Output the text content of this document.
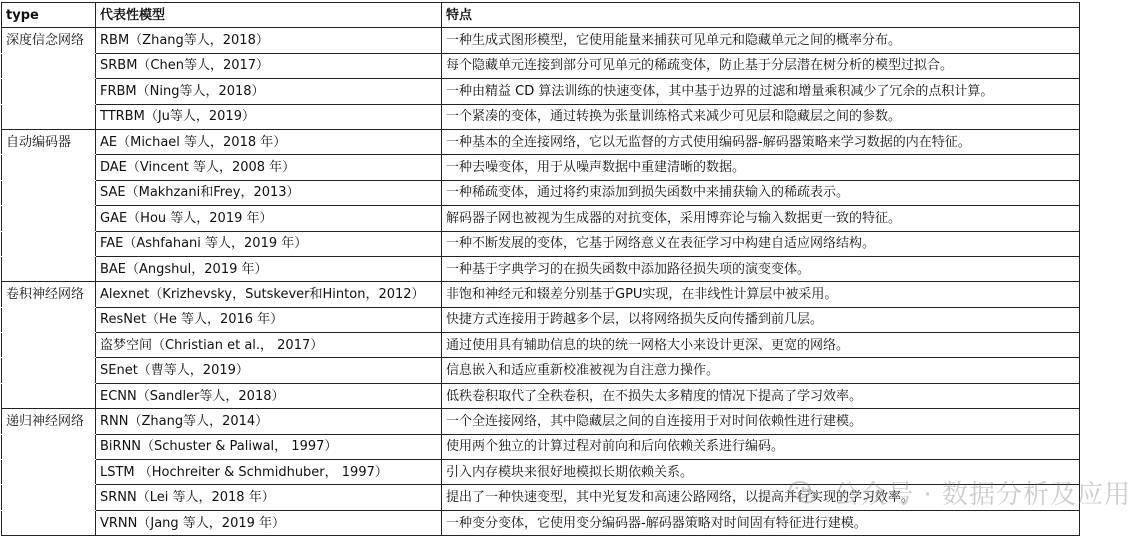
type	代表性模型	特点
深度信念网络	RBM（Zhang等人，2018）	一种生成式图形模型，它使用能量来捕获可见单元和隐藏单元之间的概率分布。
	SRBM（Chen等人，2017）	每个隐藏单元连接到部分可见单元的稀疏变体，防止基于分层潜在树分析的模型过拟合。
	FRBM（Ning等人，2018）	一种由精益 CD 算法训练的快速变体，其中基于边界的过滤和增量乘积减少了冗余的点积计算。
	TTRBM（Ju等人，2019）	一个紧凑的变体，通过转换为张量训练格式来减少可见层和隐藏层之间的参数。
自动编码器	AE（Michael 等人，2018 年）	一种基本的全连接网络，它以无监督的方式使用编码器-解码器策略来学习数据的内在特征。
	DAE（Vincent 等人，2008 年）	一种去噪变体，用于从噪声数据中重建清晰的数据。
	SAE（Makhzani和Frey，2013）	一种稀疏变体，通过将约束添加到损失函数中来捕获输入的稀疏表示。
	GAE（Hou 等人，2019 年）	解码器子网也被视为生成器的对抗变体，采用博弈论与输入数据更一致的特征。
	FAE（Ashfahani 等人，2019 年）	一种不断发展的变体，它基于网络意义在表征学习中构建自适应网络结构。
	BAE（Angshul，2019 年）	一种基于字典学习的在损失函数中添加路径损失项的演变变体。
卷积神经网络	Alexnet（Krizhevsky，Sutskever和Hinton，2012）	非饱和神经元和辍差分别基于GPU实现，在非线性计算层中被采用。
	ResNet（He 等人，2016 年）	快捷方式连接用于跨越多个层，以将网络损失反向传播到前几层。
	盗梦空间（Christian et al.， 2017）	通过使用具有辅助信息的块的统一网格大小来设计更深、更宽的网络。
	SEnet（曹等人，2019）	信息嵌入和适应重新校准被视为自注意力操作。
	ECNN（Sandler等人，2018）	低秩卷积取代了全秩卷积，在不损失太多精度的情况下提高了学习效率。
递归神经网络	RNN（Zhang等人，2014）	一个全连接网络，其中隐藏层之间的自连接用于对时间依赖性进行建模。
	BiRNN（Schuster & Paliwal， 1997）	使用两个独立的计算过程对前向和后向依赖关系进行编码。
	LSTM （Hochreiter & Schmidhuber， 1997）	引入内存模块来很好地模拟长期依赖关系。
	SRNN（Lei 等人，2018 年）	提出了一种快速变型，其中光复发和高速公路网络，以提高并行实现的学习效率。
	VRNN（Jang 等人，2019 年）	一种变分变体，它使用变分编码器-解码器策略对时间固有特征进行建模。
公众号 · 数据分析及应用
